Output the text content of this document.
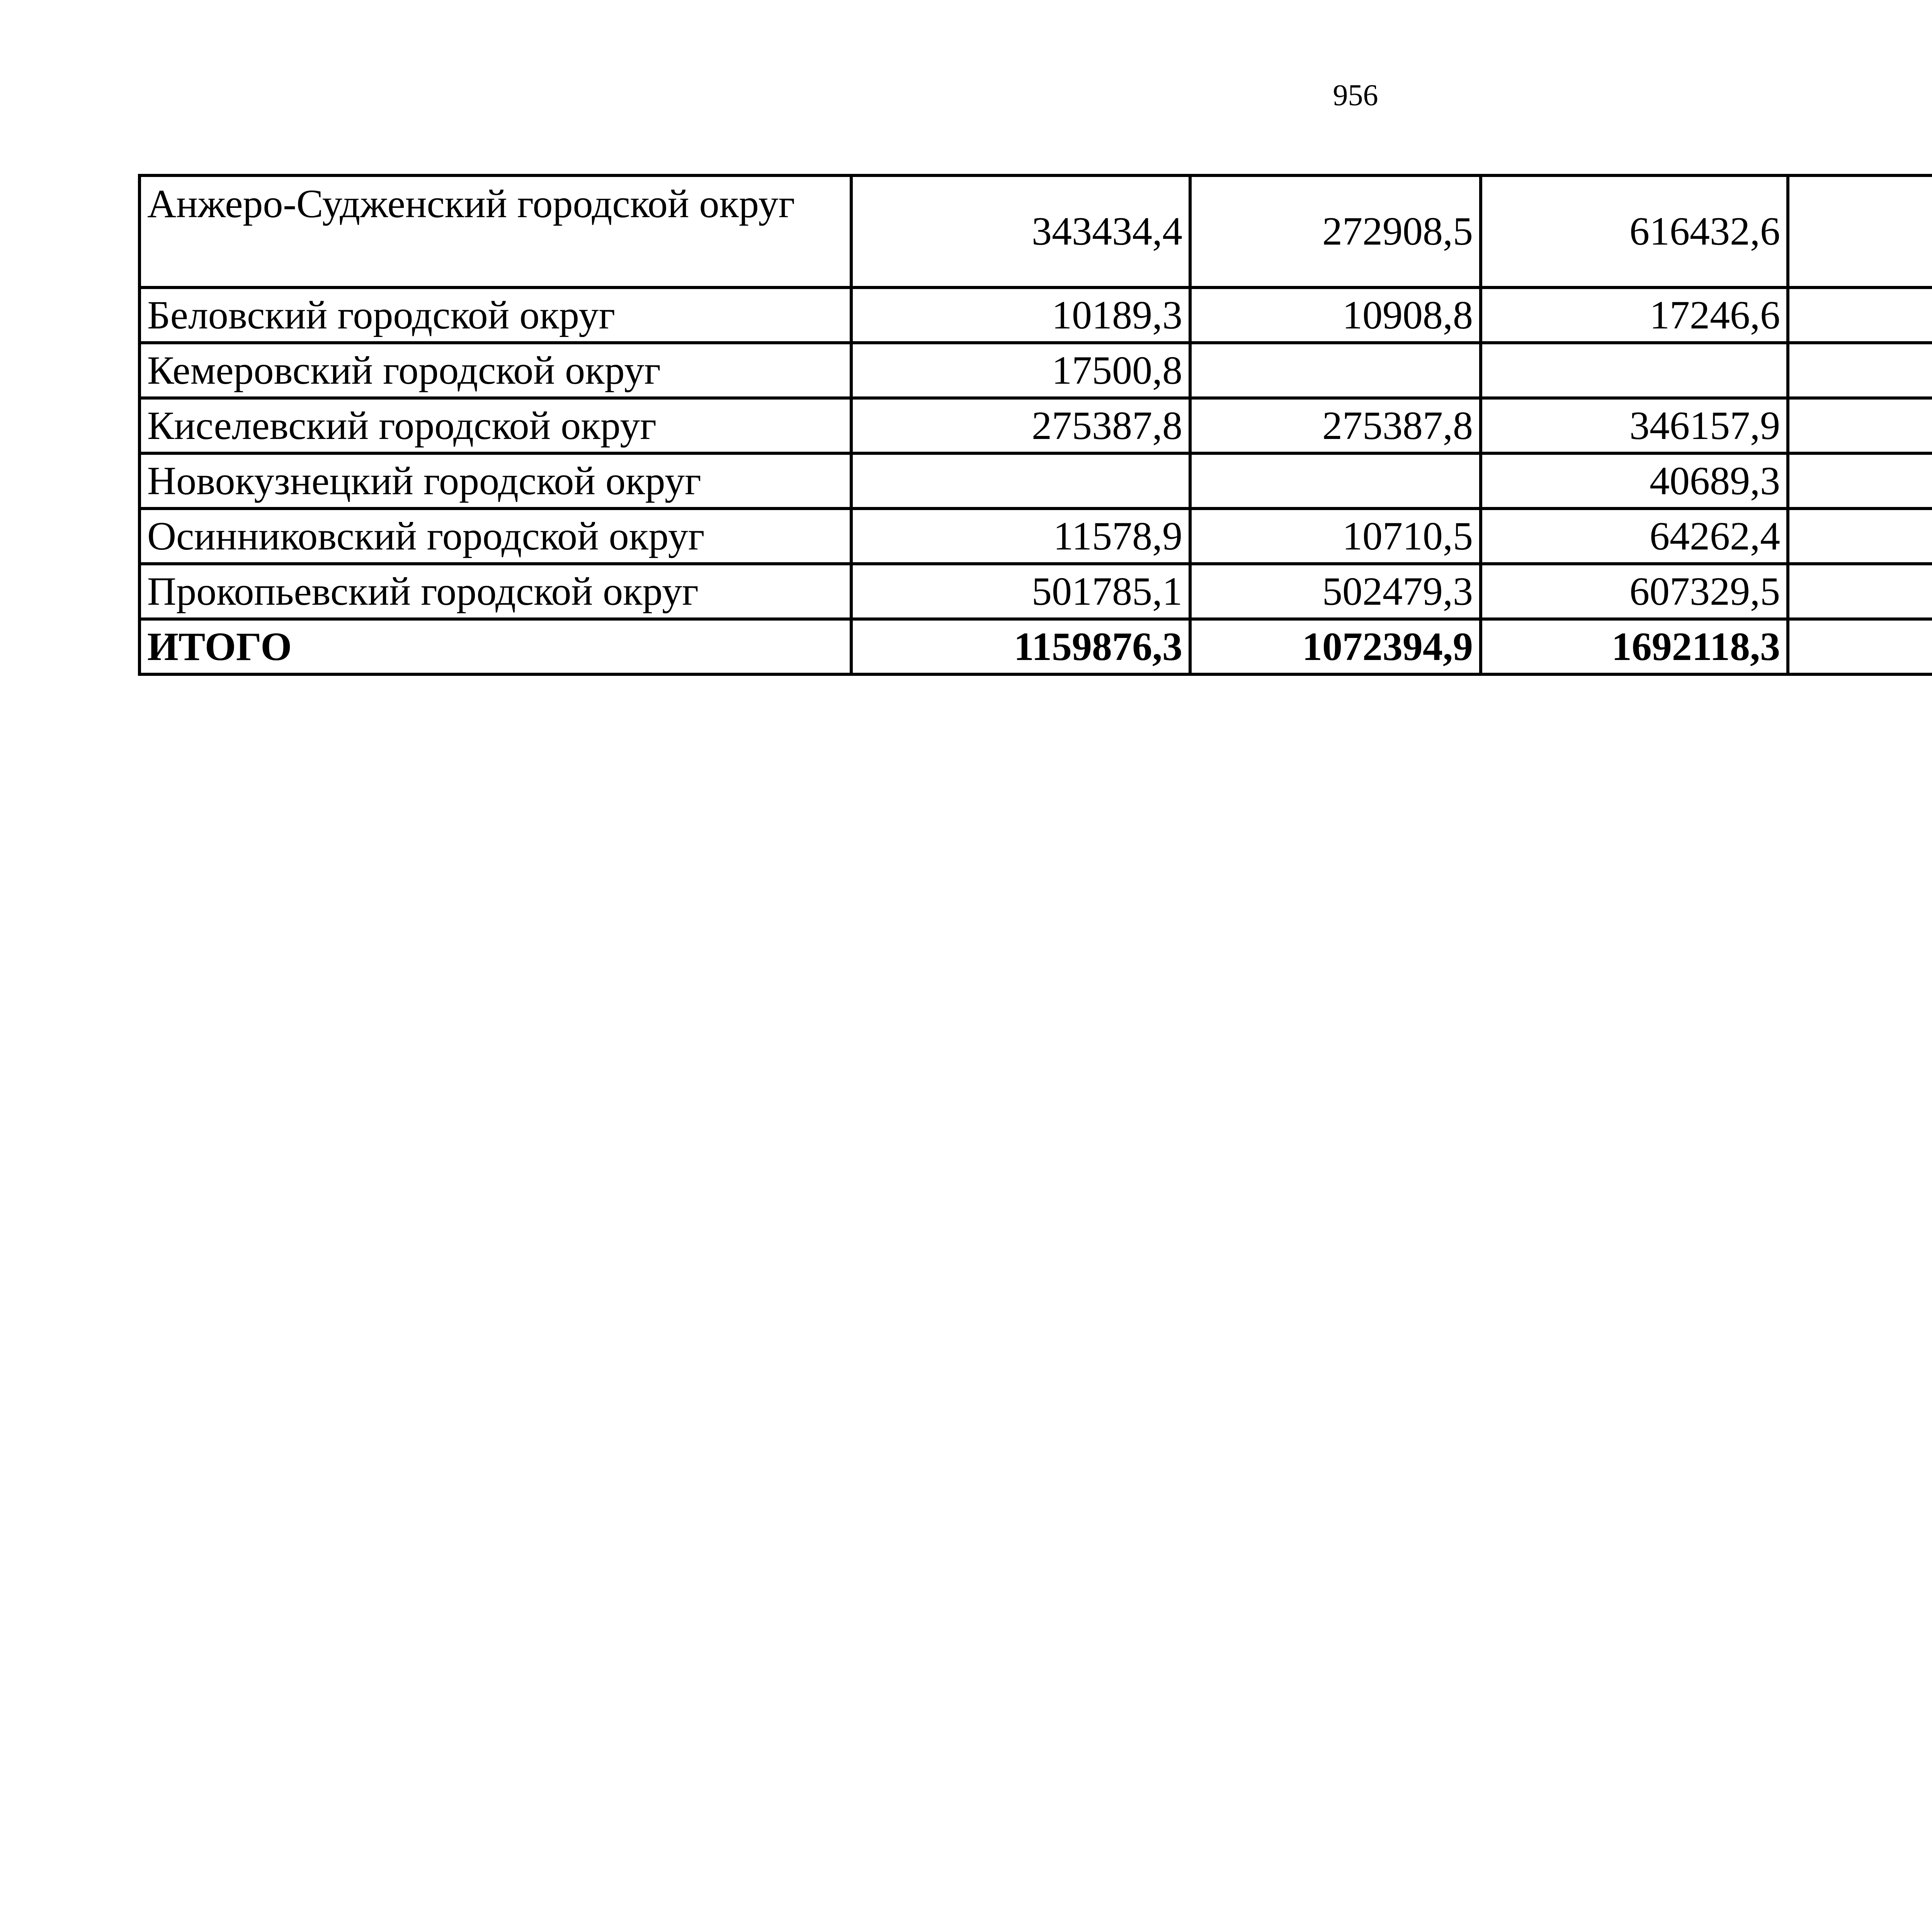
956
Анжеро-Судженский городской округ	343434,4	272908,5	616432,6	
Беловский городской округ	10189,3	10908,8	17246,6	
Кемеровский городской округ	17500,8			
Киселевский городской округ	275387,8	275387,8	346157,9	
Новокузнецкий городской округ			40689,3	
Осинниковский городской округ	11578,9	10710,5	64262,4	
Прокопьевский городской округ	501785,1	502479,3	607329,5	
ИТОГО	1159876,3	1072394,9	1692118,3	
